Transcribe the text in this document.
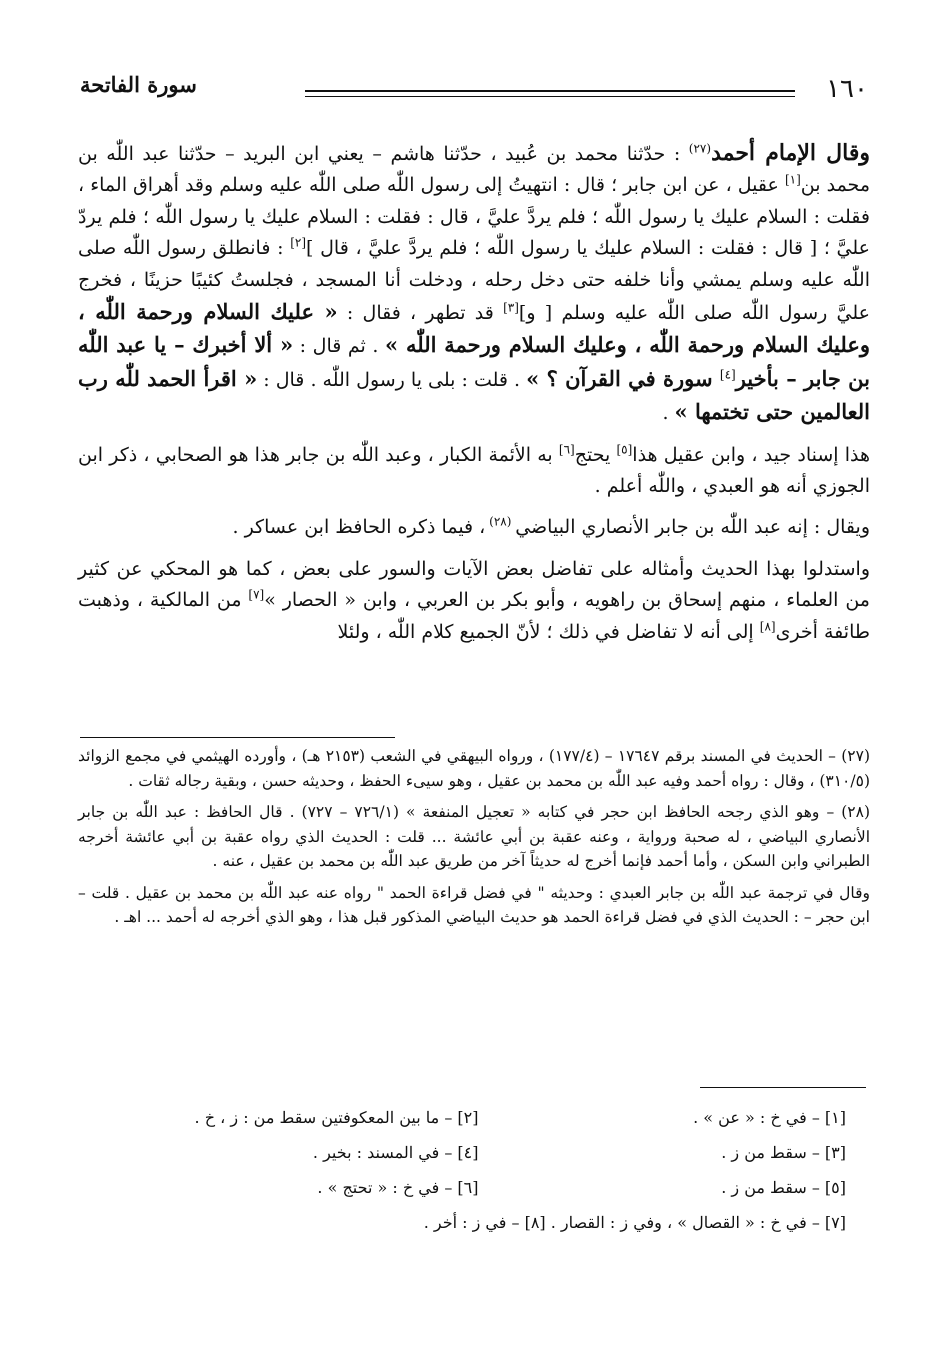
١٦٠
سورة الفاتحة

وقال الإمام أحمد$^{(٢٧)}$ : حدّثنا محمد بن عُبيد ، حدّثنا هاشم – يعني ابن البريد – حدّثنا عبد اللّٰه بن محمد بن[١] عقيل ، عن ابن جابر ؛ قال : انتهيتُ إلى رسول اللّٰه صلى اللّٰه عليه وسلم وقد أهراق الماء ، فقلت : السلام عليك يا رسول اللّٰه ؛ فلم يردَّ عليَّ ، قال : فقلت : السلام عليك يا رسول اللّٰه ؛ فلم يردّ عليَّ ؛ [ قال : فقلت : السلام عليك يا رسول اللّٰه ؛ فلم يردَّ عليَّ ، قال ][٢] : فانطلق رسول اللّٰه صلى اللّٰه عليه وسلم يمشي وأنا خلفه حتى دخل رحله ، ودخلت أنا المسجد ، فجلستُ كئيبًا حزينًا ، فخرج عليَّ رسول اللّٰه صلى اللّٰه عليه وسلم [ و][٣] قد تطهر ، فقال : « عليك السلام ورحمة اللّٰه ، وعليك السلام ورحمة اللّٰه ، وعليك السلام ورحمة اللّٰه » . ثم قال : « ألا أخبرك – يا عبد اللّٰه بن جابر – بأخير[٤] سورة في القرآن ؟ » . قلت : بلى يا رسول اللّٰه . قال : « اقرأ الحمد للّٰه رب العالمين حتى تختمها » .

هذا إسناد جيد ، وابن عقيل هذا[٥] يحتج[٦] به الأئمة الكبار ، وعبد اللّٰه بن جابر هذا هو الصحابي ، ذكر ابن الجوزي أنه هو العبدي ، واللّٰه أعلم .

ويقال : إنه عبد اللّٰه بن جابر الأنصاري البياضي $^{(٢٨)}$ ، فيما ذكره الحافظ ابن عساكر .

واستدلوا بهذا الحديث وأمثاله على تفاضل بعض الآيات والسور على بعض ، كما هو المحكي عن كثير من العلماء ، منهم إسحاق بن راهويه ، وأبو بكر بن العربي ، وابن « الحصار »[٧] من المالكية ، وذهبت طائفة أخرى[٨] إلى أنه لا تفاضل في ذلك ؛ لأنّ الجميع كلام اللّٰه ، ولئلا

(٢٧) – الحديث في المسند برقم ١٧٦٤٧ – (١٧٧/٤) ، ورواه البيهقي في الشعب (٢١٥٣ هـ) ، وأورده الهيثمي في مجمع الزوائد (٣١٠/٥) ، وقال : رواه أحمد وفيه عبد اللّٰه بن محمد بن عقيل ، وهو سيىء الحفظ ، وحديثه حسن ، وبقية رجاله ثقات .

(٢٨) – وهو الذي رجحه الحافظ ابن حجر في كتابه « تعجيل المنفعة » (٧٢٦/١ – ٧٢٧) . قال الحافظ : عبد اللّٰه بن جابر الأنصاري البياضي ، له صحبة ورواية ، وعنه عقبة بن أبي عائشة ... قلت : الحديث الذي رواه عقبة بن أبي عائشة أخرجه الطبراني وابن السكن ، وأما أحمد فإنما أخرج له حديثاً آخر من طريق عبد اللّٰه بن محمد بن عقيل ، عنه .

وقال في ترجمة عبد اللّٰه بن جابر العبدي : وحديثه " في فضل قراءة الحمد " رواه عنه عبد اللّٰه بن محمد بن عقيل . قلت – ابن حجر – : الحديث الذي في فضل قراءة الحمد هو حديث البياضي المذكور قبل هذا ، وهو الذي أخرجه له أحمد ... اهـ .

[١] – في خ : « عن » .
[٢] – ما بين المعكوفتين سقط من : ز ، خ .
[٣] – سقط من ز .
[٤] – في المسند : بخير .
[٥] – سقط من ز .
[٦] – في خ : « تحتج » .
[٧] – في خ : « القصال » ، وفي ز : القصار . [٨] – في ز : أخر .
